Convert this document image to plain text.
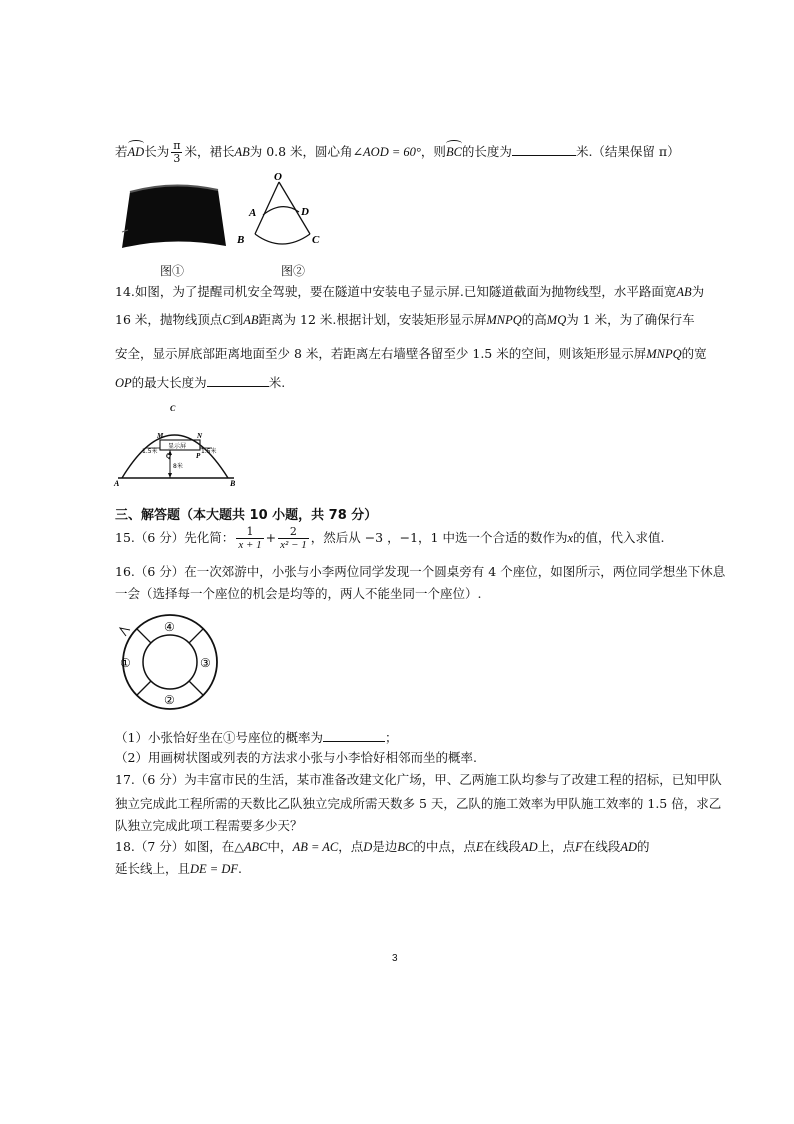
若AD长为 $\frac{\pi}{3}$ 米，裙长AB为 0.8 米，圆心角∠AOD = 60°，则BC的长度为	米.（结果保留 π）
图①
O
A	D
B	C
图②
14.如图，为了提醒司机安全驾驶，要在隧道中安装电子显示屏.已知隧道截面为抛物线型，水平路面宽AB为
16 米，抛物线顶点C到AB距离为 12 米.根据计划，安装矩形显示屏MNPQ的高MQ为 1 米，为了确保行车
安全，显示屏底部距离地面至少 8 米，若距离左右墙壁各留至少 1.5 米的空间，则该矩形显示屏MNPQ的宽
OP的最大长度为	米.
C
M	N
Q	P
A	B
显示屏
1.5米	1.5米
8米
三、解答题（本大题共 10 小题，共 78 分）
15.（6 分）先化简： $\frac{1}{x + 1} + \frac{2}{\text{x² − 1}}$ ，然后从 −3 ，−1，1 中选一个合适的数作为x的值，代入求值.
16.（6 分）在一次郊游中，小张与小李两位同学发现一个圆桌旁有 4 个座位，如图所示，两位同学想坐下休息
一会（选择每一个座位的机会是均等的，两人不能坐同一个座位）.
④
①	③
②
（1）小张恰好坐在①号座位的概率为	；
（2）用画树状图或列表的方法求小张与小李恰好相邻而坐的概率.
17.（6 分）为丰富市民的生活，某市准备改建文化广场，甲、乙两施工队均参与了改建工程的招标，已知甲队
独立完成此工程所需的天数比乙队独立完成所需天数多 5 天，乙队的施工效率为甲队施工效率的 1.5 倍，求乙
队独立完成此项工程需要多少天？
18.（7 分）如图，在△ABC中，AB = AC，点D是边BC的中点，点E在线段AD上，点F在线段AD的
延长线上，且DE = DF.
3
